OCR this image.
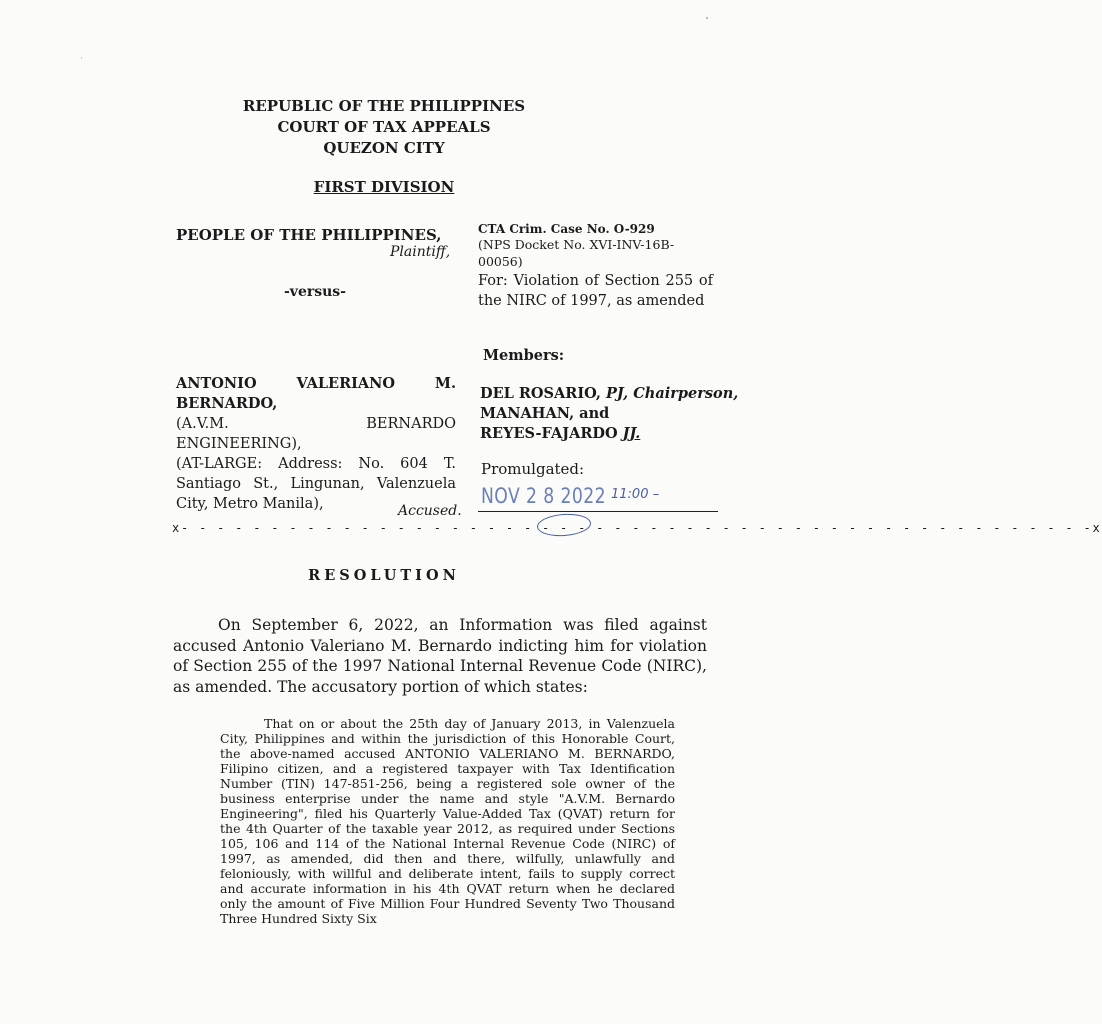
·
REPUBLIC OF THE PHILIPPINES
COURT OF TAX APPEALS
QUEZON CITY
FIRST DIVISION
PEOPLE OF THE PHILIPPINES,
Plaintiff,
-versus-
CTA Crim. Case No. O-929
(NPS Docket No. XVI-INV-16B-
00056)
For: Violation of Section 255 of the NIRC of 1997, as amended
Members:
DEL ROSARIO, PJ, Chairperson,
MANAHAN, and
REYES-FAJARDO JJ.
Promulgated:
NOV 2 8 2022 11:00 –
ANTONIO VALERIANO M.
BERNARDO,
(A.V.M.	BERNARDO
ENGINEERING),
(AT-LARGE: Address: No. 604 T. Santiago St., Lingunan, Valenzuela City, Metro Manila),	Accused.
x- - - - - - - - - - - - - - - - - - - - - - - - - - - - - - - - - - - - - - - - - - - - - - - - - - -x
RESOLUTION
On September 6, 2022, an Information was filed against accused Antonio Valeriano M. Bernardo indicting him for violation of Section 255 of the 1997 National Internal Revenue Code (NIRC), as amended. The accusatory portion of which states:
That on or about the 25th day of January 2013, in Valenzuela City, Philippines and within the jurisdiction of this Honorable Court, the above-named accused ANTONIO VALERIANO M. BERNARDO, Filipino citizen, and a registered taxpayer with Tax Identification Number (TIN) 147-851-256, being a registered sole owner of the business enterprise under the name and style "A.V.M. Bernardo Engineering", filed his Quarterly Value-Added Tax (QVAT) return for the 4th Quarter of the taxable year 2012, as required under Sections 105, 106 and 114 of the National Internal Revenue Code (NIRC) of 1997, as amended, did then and there, wilfully, unlawfully and feloniously, with willful and deliberate intent, fails to supply correct and accurate information in his 4th QVAT return when he declared only the amount of Five Million Four Hundred Seventy Two Thousand Three Hundred Sixty Six
